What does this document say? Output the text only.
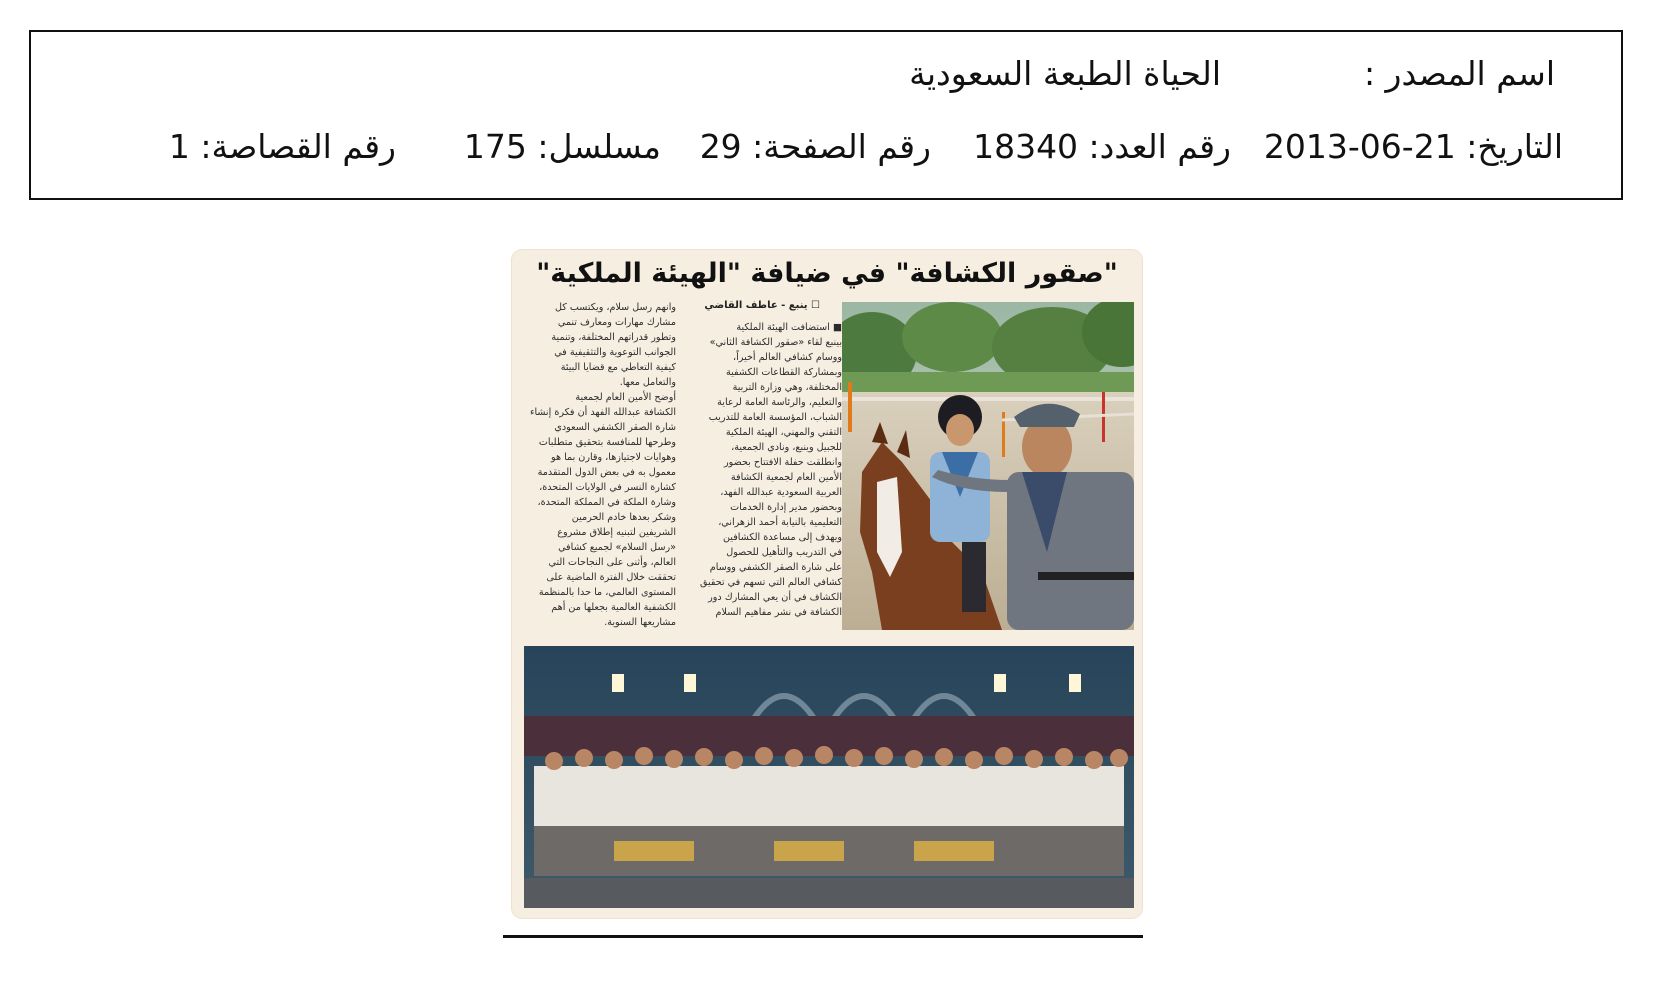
اسم المصدر :
الحياة الطبعة السعودية
التاريخ: 21-06-2013
رقم العدد: 18340
رقم الصفحة: 29
مسلسل: 175
رقم القصاصة: 1
"صقور الكشافة" في ضيافة "الهيئة الملكية"
☐ ينبع - عاطف القاضي
■ استضافت الهيئة الملكية
بينبع لقاء «صقور الكشافة الثاني»
ووسام كشافي العالم أخيراً،
وبمشاركة القطاعات الكشفية
المختلفة، وهي وزارة التربية
والتعليم، والرئاسة العامة لرعاية
الشباب، المؤسسة العامة للتدريب
التقني والمهني، الهيئة الملكية
للجبيل وينبع، ونادي الجمعية،
وانطلقت حفلة الافتتاح بحضور
الأمين العام لجمعية الكشافة
العربية السعودية عبدالله الفهد،
وبحضور مدير إدارة الخدمات
التعليمية بالنيابة أحمد الزهراني،
ويهدف إلى مساعدة الكشافين
في التدريب والتأهيل للحصول
على شارة الصقر الكشفي ووسام
كشافي العالم التي تسهم في تحقيق
الكشاف في أن يعي المشارك دور
الكشافة في نشر مفاهيم السلام
وانهم رسل سلام، ويكتسب كل
مشارك مهارات ومعارف تنمي
وتطور قدراتهم المختلفة، وتنمية
الجوانب التوعوية والتثقيفية في
كيفية التعاطي مع قضايا البيئة
والتعامل معها.
أوضح الأمين العام لجمعية
الكشافة عبدالله الفهد أن فكرة إنشاء
شارة الصقر الكشفي السعودي
وطرحها للمنافسة بتحقيق متطلبات
وهوايات لاجتيازها، وقارن بما هو
معمول به في بعض الدول المتقدمة
كشارة النسر في الولايات المتحدة،
وشارة الملكة في المملكة المتحدة،
وشكر بعدها خادم الحرمين
الشريفين لتبنيه إطلاق مشروع
«رسل السلام» لجميع كشافي
العالم، وأثنى على النجاحات التي
تحققت خلال الفترة الماضية على
المستوى العالمي، ما حدا بالمنظمة
الكشفية العالمية بجعلها من أهم
مشاريعها السنوية.
